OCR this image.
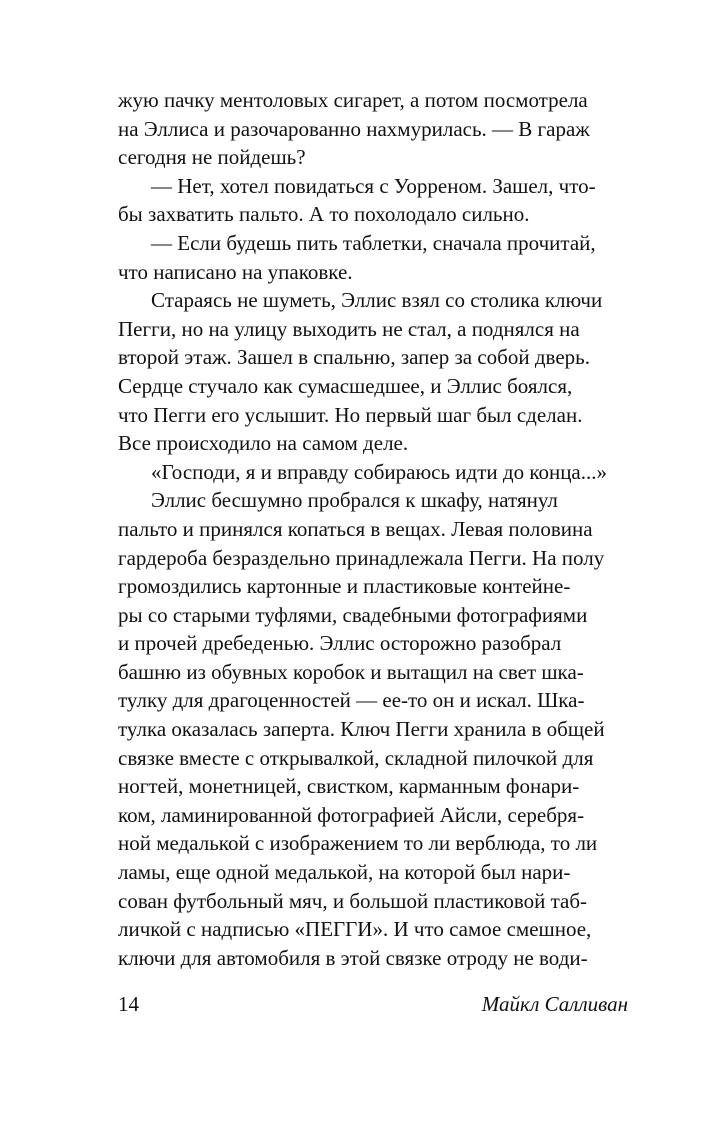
жую пачку ментоловых сигарет, а потом посмотрела
на Эллиса и разочарованно нахмурилась. — В гараж
сегодня не пойдешь?
— Нет, хотел повидаться с Уорреном. Зашел, что-
бы захватить пальто. А то похолодало сильно.
— Если будешь пить таблетки, сначала прочитай,
что написано на упаковке.
Стараясь не шуметь, Эллис взял со столика ключи
Пегги, но на улицу выходить не стал, а поднялся на
второй этаж. Зашел в спальню, запер за собой дверь.
Сердце стучало как сумасшедшее, и Эллис боялся,
что Пегги его услышит. Но первый шаг был сделан.
Все происходило на самом деле.
«Господи, я и вправду собираюсь идти до конца...»
Эллис бесшумно пробрался к шкафу, натянул
пальто и принялся копаться в вещах. Левая половина
гардероба безраздельно принадлежала Пегги. На полу
громоздились картонные и пластиковые контейне-
ры со старыми туфлями, свадебными фотографиями
и прочей дребеденью. Эллис осторожно разобрал
башню из обувных коробок и вытащил на свет шка-
тулку для драгоценностей — ее-то он и искал. Шка-
тулка оказалась заперта. Ключ Пегги хранила в общей
связке вместе с открывалкой, складной пилочкой для
ногтей, монетницей, свистком, карманным фонари-
ком, ламинированной фотографией Айсли, серебря-
ной медалькой с изображением то ли верблюда, то ли
ламы, еще одной медалькой, на которой был нари-
сован футбольный мяч, и большой пластиковой таб-
личкой с надписью «ПЕГГИ». И что самое смешное,
ключи для автомобиля в этой связке отроду не води-
14	Майкл Салливан
